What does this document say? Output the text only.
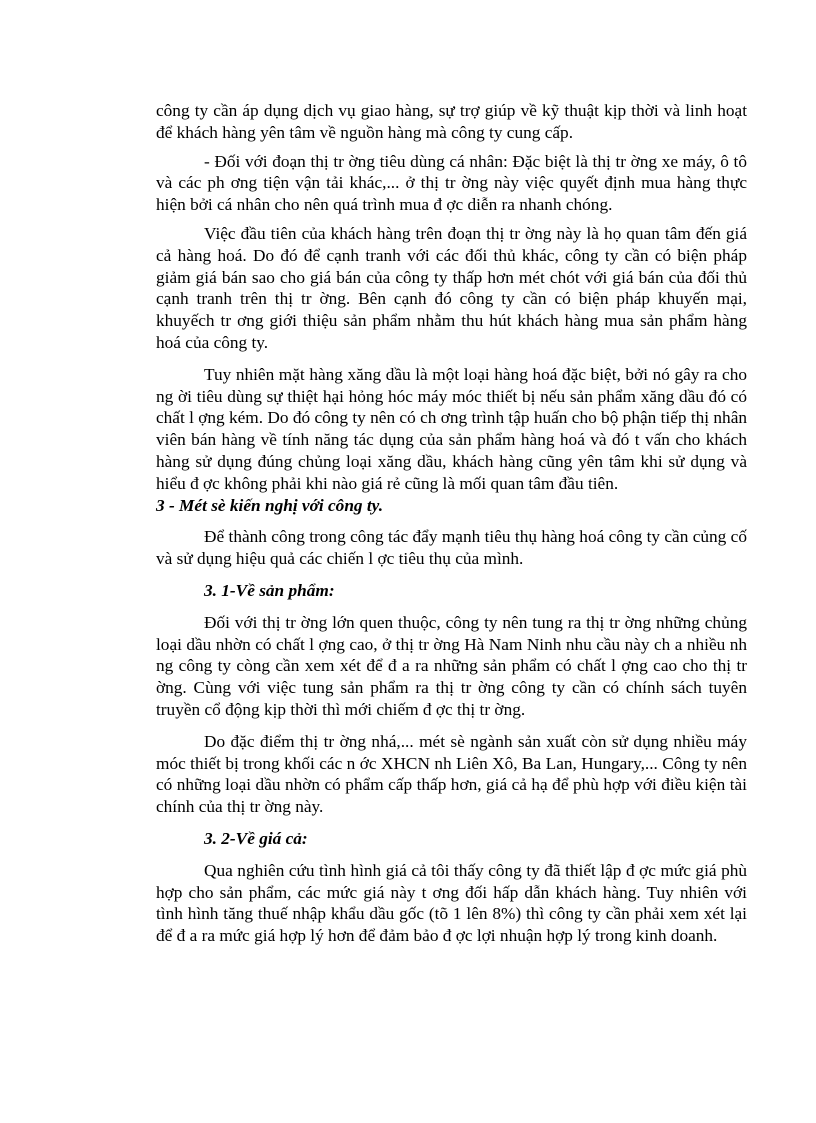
công ty cần áp dụng dịch vụ giao hàng, sự trợ giúp về kỹ thuật kịp thời và linh hoạt để khách hàng yên tâm về nguồn hàng mà công ty cung cấp.

- Đối với đoạn thị tr ờng tiêu dùng cá nhân: Đặc biệt là thị tr ờng xe máy, ô tô và các ph ơng tiện vận tải khác,... ở thị tr ờng này việc quyết định mua hàng thực hiện bởi cá nhân cho nên quá trình mua đ ợc diễn ra nhanh chóng.

Việc đầu tiên của khách hàng trên đoạn thị tr ờng này là họ quan tâm đến giá cả hàng hoá. Do đó để cạnh tranh với các đối thủ khác, công ty cần có biện pháp giảm giá bán sao cho giá bán của công ty thấp hơn mét chót với giá bán của đối thủ cạnh tranh trên thị tr ờng. Bên cạnh đó công ty cần có biện pháp khuyến mại, khuyếch tr ơng giới thiệu sản phẩm nhằm thu hút khách hàng mua sản phẩm hàng hoá của công ty.

Tuy nhiên mặt hàng xăng dầu là một loại hàng hoá đặc biệt, bởi nó gây ra cho ng ời tiêu dùng sự thiệt hại hỏng hóc máy móc thiết bị nếu sản phẩm xăng dầu đó có chất l ợng kém. Do đó công ty nên có ch ơng trình tập huấn cho bộ phận tiếp thị nhân viên bán hàng về tính năng tác dụng của sản phẩm hàng hoá và đó t vấn cho khách hàng sử dụng đúng chủng loại xăng dầu, khách hàng cũng yên tâm khi sử dụng và hiểu đ ợc không phải khi nào giá rẻ cũng là mối quan tâm đầu tiên.

3 - Mét sè kiến nghị với công ty.

Để thành công trong công tác đẩy mạnh tiêu thụ hàng hoá công ty cần củng cố và sử dụng hiệu quả các chiến l ợc tiêu thụ của mình.

3. 1-Về sản phẩm:

Đối với thị tr ờng lớn quen thuộc, công ty nên tung ra thị tr ờng những chủng loại dầu nhờn có chất l ợng cao, ở thị tr ờng Hà Nam Ninh nhu cầu này ch a nhiều nh ng công ty còng cần xem xét để đ a ra những sản phẩm có chất l ợng cao cho thị tr ờng. Cùng với việc tung sản phẩm ra thị tr ờng công ty cần có chính sách tuyên truyền cổ động kịp thời thì mới chiếm đ ợc thị tr ờng.

Do đặc điểm thị tr ờng nhá,... mét sè ngành sản xuất còn sử dụng nhiều máy móc thiết bị trong khối các n ớc XHCN nh Liên Xô, Ba Lan, Hungary,... Công ty nên có những loại dầu nhờn có phẩm cấp thấp hơn, giá cả hạ để phù hợp với điều kiện tài chính của thị tr ờng này.

3. 2-Về giá cả:

Qua nghiên cứu tình hình giá cả tôi thấy công ty đã thiết lập đ ợc mức giá phù hợp cho sản phẩm, các mức giá này t ơng đối hấp dẫn khách hàng. Tuy nhiên với tình hình tăng thuế nhập khẩu dầu gốc (tõ 1 lên 8%) thì công ty cần phải xem xét lại để đ a ra mức giá hợp lý hơn để đảm bảo đ ợc lợi nhuận hợp lý trong kinh doanh.
